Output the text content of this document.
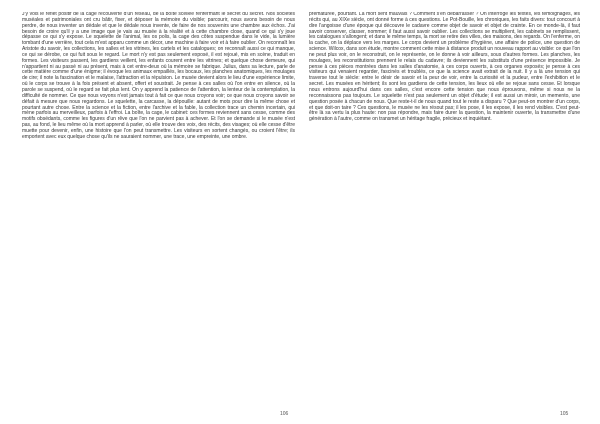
J'y vois le reflet positif de la cage recouverte d'un réseau, de la boîte scellée renfermant le secret du secret. Nos sociétés muséales et patrimoniales ont cru bâtir, fixer, et déposer la mémoire du visible; parcourir, nous avons besoin de nous perdre, de nous inventer un dédale et que le dédale nous invente, de faire de nos souvenirs une chambre aux échos. J'ai besoin de croire qu'il y a une image que je vais au musée à la réalité et à cette chambre close, quand ce qui s'y joue dépasse ce qui s'y expose. Le squelette de l'animal, les os polis, la cage des côtes suspendue dans le vide, la lumière tombant d'une verrière, tout cela m'est apparu comme un décor, une machine à faire voir et à faire oublier. On reconnaît les Aristote du savoir, les collections, les salles et les vitrines, les cartels et les catalogues; on reconnaît aussi ce qui manque, ce qui se dérobe, ce qui fuit sous le regard. Le mort n'y est pas seulement exposé, il est rejoué, mis en scène, traduit en formes. Les visiteurs passent, les gardiens veillent, les enfants courent entre les vitrines; et quelque chose demeure, qui n'appartient ni au passé ni au présent, mais à cet entre-deux où la mémoire se fabrique. Julius, dans sa lecture, parle de cette matière comme d'une énigme; il évoque les animaux empaillés, les bocaux, les planches anatomiques, les moulages de cire; il note la fascination et le malaise, l'attraction et la répulsion. Le musée devient alors le lieu d'une expérience limite, où le corps se trouve à la fois présent et absent, offert et soustrait. Je pense à ces salles où l'on entre en silence, où la parole se suspend, où le regard se fait plus lent. On y apprend la patience de l'attention, la lenteur de la contemplation, la difficulté de nommer. Ce que nous voyons n'est jamais tout à fait ce que nous croyons voir; ce que nous croyons savoir se défait à mesure que nous regardons. Le squelette, la carcasse, la dépouille: autant de mots pour dire la même chose et pourtant autre chose. Entre la science et la fiction, entre l'archive et la fable, la collection trace un chemin incertain, qui mène parfois au merveilleux, parfois à l'effroi. La boîte, la cage, le cabinet: ces formes reviennent sans cesse, comme des motifs obsédants, comme les figures d'un rêve que l'on ne parvient pas à achever. Et l'on se demande si le musée n'est pas, au fond, le lieu même où la mort apprend à parler, où elle trouve des voix, des récits, des visages; où elle cesse d'être muette pour devenir, enfin, une histoire que l'on peut transmettre. Les visiteurs en sortent changés, ou croient l'être; ils emportent avec eux quelque chose qu'ils ne sauraient nommer, une trace, une empreinte, une ombre.

106

prématurée, pourtant. La mort sent mauvais ? Comment s'en débarrasser ? On interroge les textes, les témoignages, les récits qui, au XIXe siècle, ont donné forme à ces questions. Le Pot-Bouille, les chroniques, les faits divers: tout concourt à dire l'angoisse d'une époque qui découvre le cadavre comme objet de savoir et objet de crainte. En ce monde-là, il faut savoir conserver, classer, nommer; il faut aussi savoir oublier. Les collections se multiplient, les cabinets se remplissent, les catalogues s'allongent; et dans le même temps, la mort se retire des villes, des maisons, des regards. On l'enferme, on la cache, on la déplace vers les marges. Le corps devient un problème d'hygiène, une affaire de police, une question de science. Wilcox, dans son étude, montre comment cette mise à distance produit un nouveau rapport au visible: ce que l'on ne peut plus voir, on le reconstruit, on le représente, on le donne à voir ailleurs, sous d'autres formes. Les planches, les moulages, les reconstitutions prennent le relais du cadavre; ils deviennent les substituts d'une présence impossible. Je pense à ces pièces montrées dans les salles d'anatomie, à ces corps ouverts, à ces organes exposés; je pense à ces visiteurs qui venaient regarder, fascinés et troublés, ce que la science avait extrait de la nuit. Il y a là une tension qui traverse tout le siècle: entre le désir de savoir et la peur de voir, entre la curiosité et la pudeur, entre l'exhibition et le secret. Les musées en héritent; ils sont les gardiens de cette tension, les lieux où elle se rejoue sans cesse. Et lorsque nous entrons aujourd'hui dans ces salles, c'est encore cette tension que nous éprouvons, même si nous ne la reconnaissons pas toujours. Le squelette n'est pas seulement un objet d'étude; il est aussi un miroir, un memento, une question posée à chacun de nous. Que reste-t-il de nous quand tout le reste a disparu ? Que peut-on montrer d'un corps, et que doit-on taire ? Ces questions, le musée ne les résout pas; il les pose, il les expose, il les rend visibles. C'est peut-être là sa vertu la plus haute: non pas répondre, mais faire durer la question, la maintenir ouverte, la transmettre d'une génération à l'autre, comme on transmet un héritage fragile, précieux et inquiétant.

105
